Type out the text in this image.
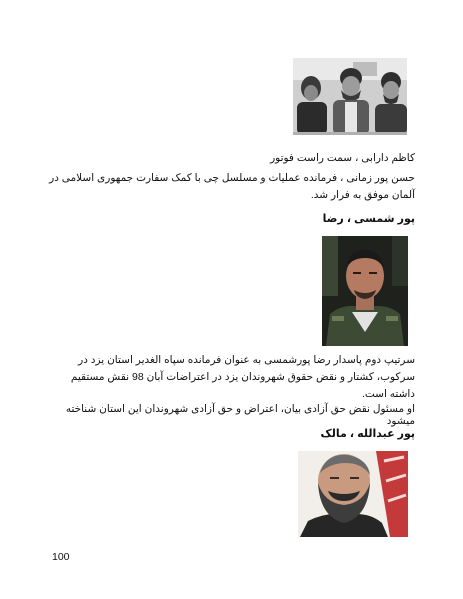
کاظم دارابی ، سمت راست فوتور
حسن پور زمانی ، فرمانده عملیات و مسلسل چی با کمک سفارت جمهوری اسلامی در آلمان موفق به فرار شد.
پور شمسی ، رضا
سرتیپ دوم پاسدار رضا پورشمسی به عنوان فرمانده سپاه الغدیر استان یزد در سرکوب، کشتار و نقض حقوق شهروندان یزد در اعتراضات آبان 98 نقش مستقیم داشته است.
او مسئول نقض حق آزادی بیان، اعتراض و حق آزادی شهروندان این استان شناخته میشود
پور عبدالله ، مالک
100
